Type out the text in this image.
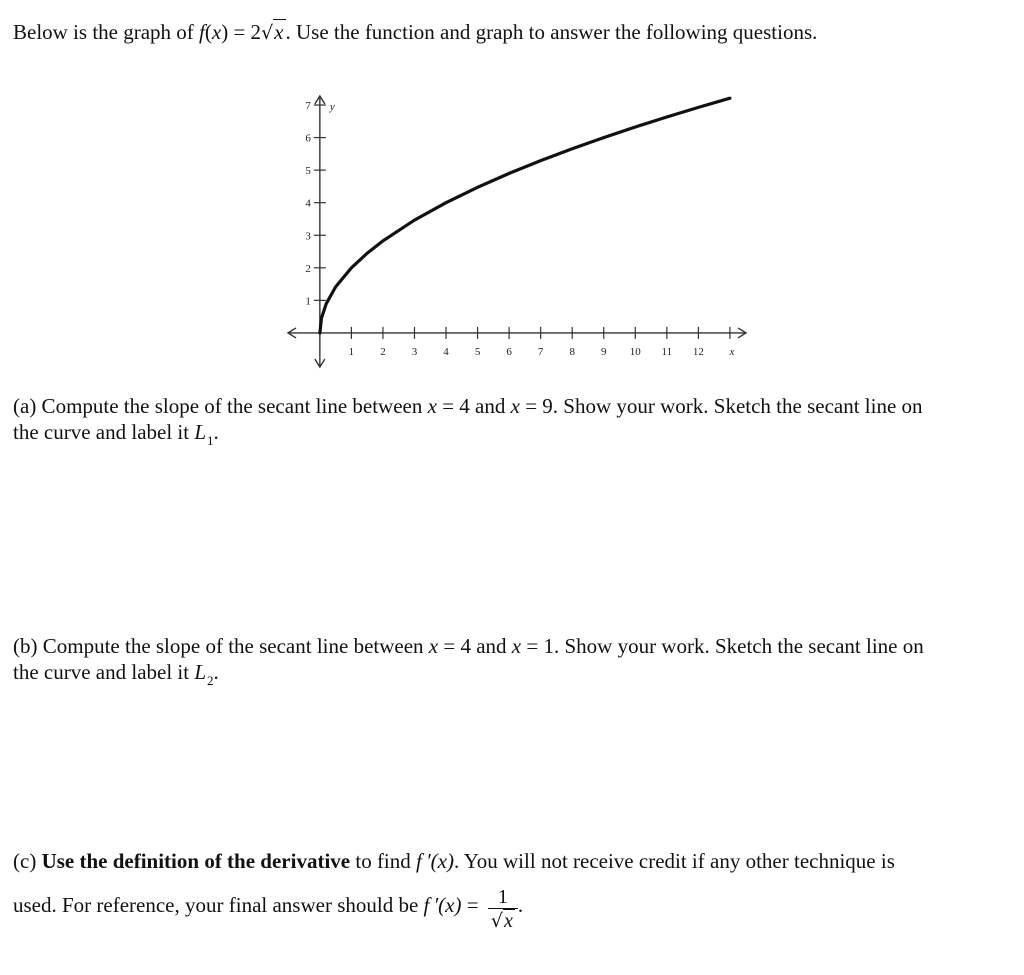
Below is the graph of f(x) = 2√x. Use the function and graph to answer the following questions.
1 2 3 4 5 6 7 8 9 10 11 12
1
2
3
4
5
6
7
x
y
(a) Compute the slope of the secant line between x = 4 and x = 9. Show your work. Sketch the secant line on
the curve and label it $L_1$.
(b) Compute the slope of the secant line between x = 4 and x = 1. Show your work. Sketch the secant line on
the curve and label it $L_2$.
(c) Use the definition of the derivative to find f ′(x). You will not receive credit if any other technique is
used. For reference, your final answer should be f $'(x) = \frac{1}{√x}$ .
